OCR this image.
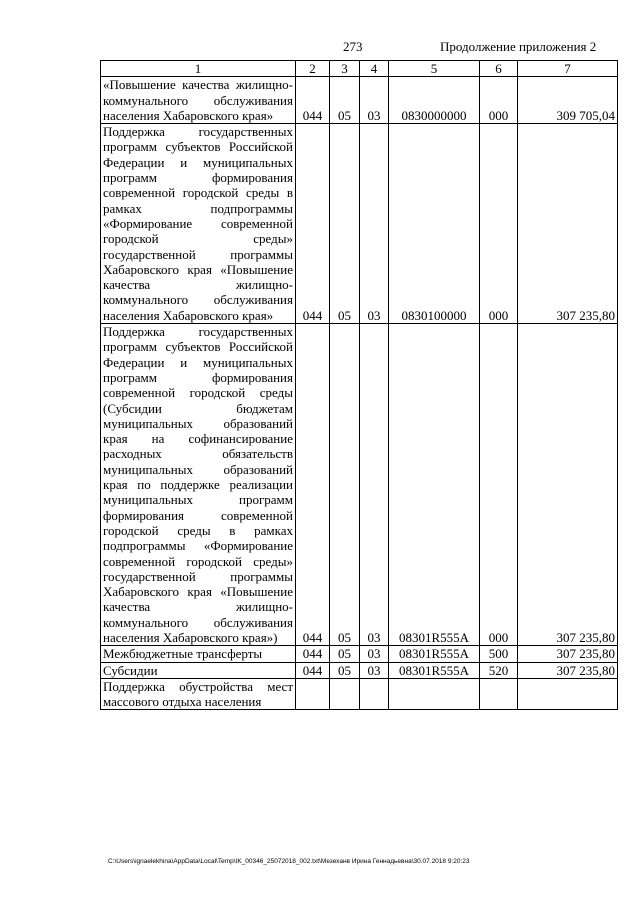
273	Продолжение приложения 2
1	2	3	4	5	6	7
«Повышение качества жилищно-коммунального обслуживания населения Хабаровского края»	044	05	03	0830000000	000	309 705,04
Поддержка государственных программ субъектов Российской Федерации и муниципальных программ формирования современной городской среды в рамках подпрограммы «Формирование современной городской среды» государственной программы Хабаровского края «Повышение качества жилищно-коммунального обслуживания населения Хабаровского края»	044	05	03	0830100000	000	307 235,80
Поддержка государственных программ субъектов Российской Федерации и муниципальных программ формирования современной городской среды (Субсидии бюджетам муниципальных образований края на софинансирование расходных обязательств муниципальных образований края по поддержке реализации муниципальных программ формирования современной городской среды в рамках подпрограммы «Формирование современной городской среды» государственной программы Хабаровского края «Повышение качества жилищно-коммунального обслуживания населения Хабаровского края»)	044	05	03	08301R555A	000	307 235,80
Межбюджетные трансферты	044	05	03	08301R555A	500	307 235,80
Субсидии	044	05	03	08301R555A	520	307 235,80
Поддержка обустройства мест массового отдыха населения						
C:\Users\ignaelekhina\AppData\Local\Temp\IK_00346_25072018_002.txt\Мезеханв Ирина Геннадьевна\30.07.2018 9:20:23
